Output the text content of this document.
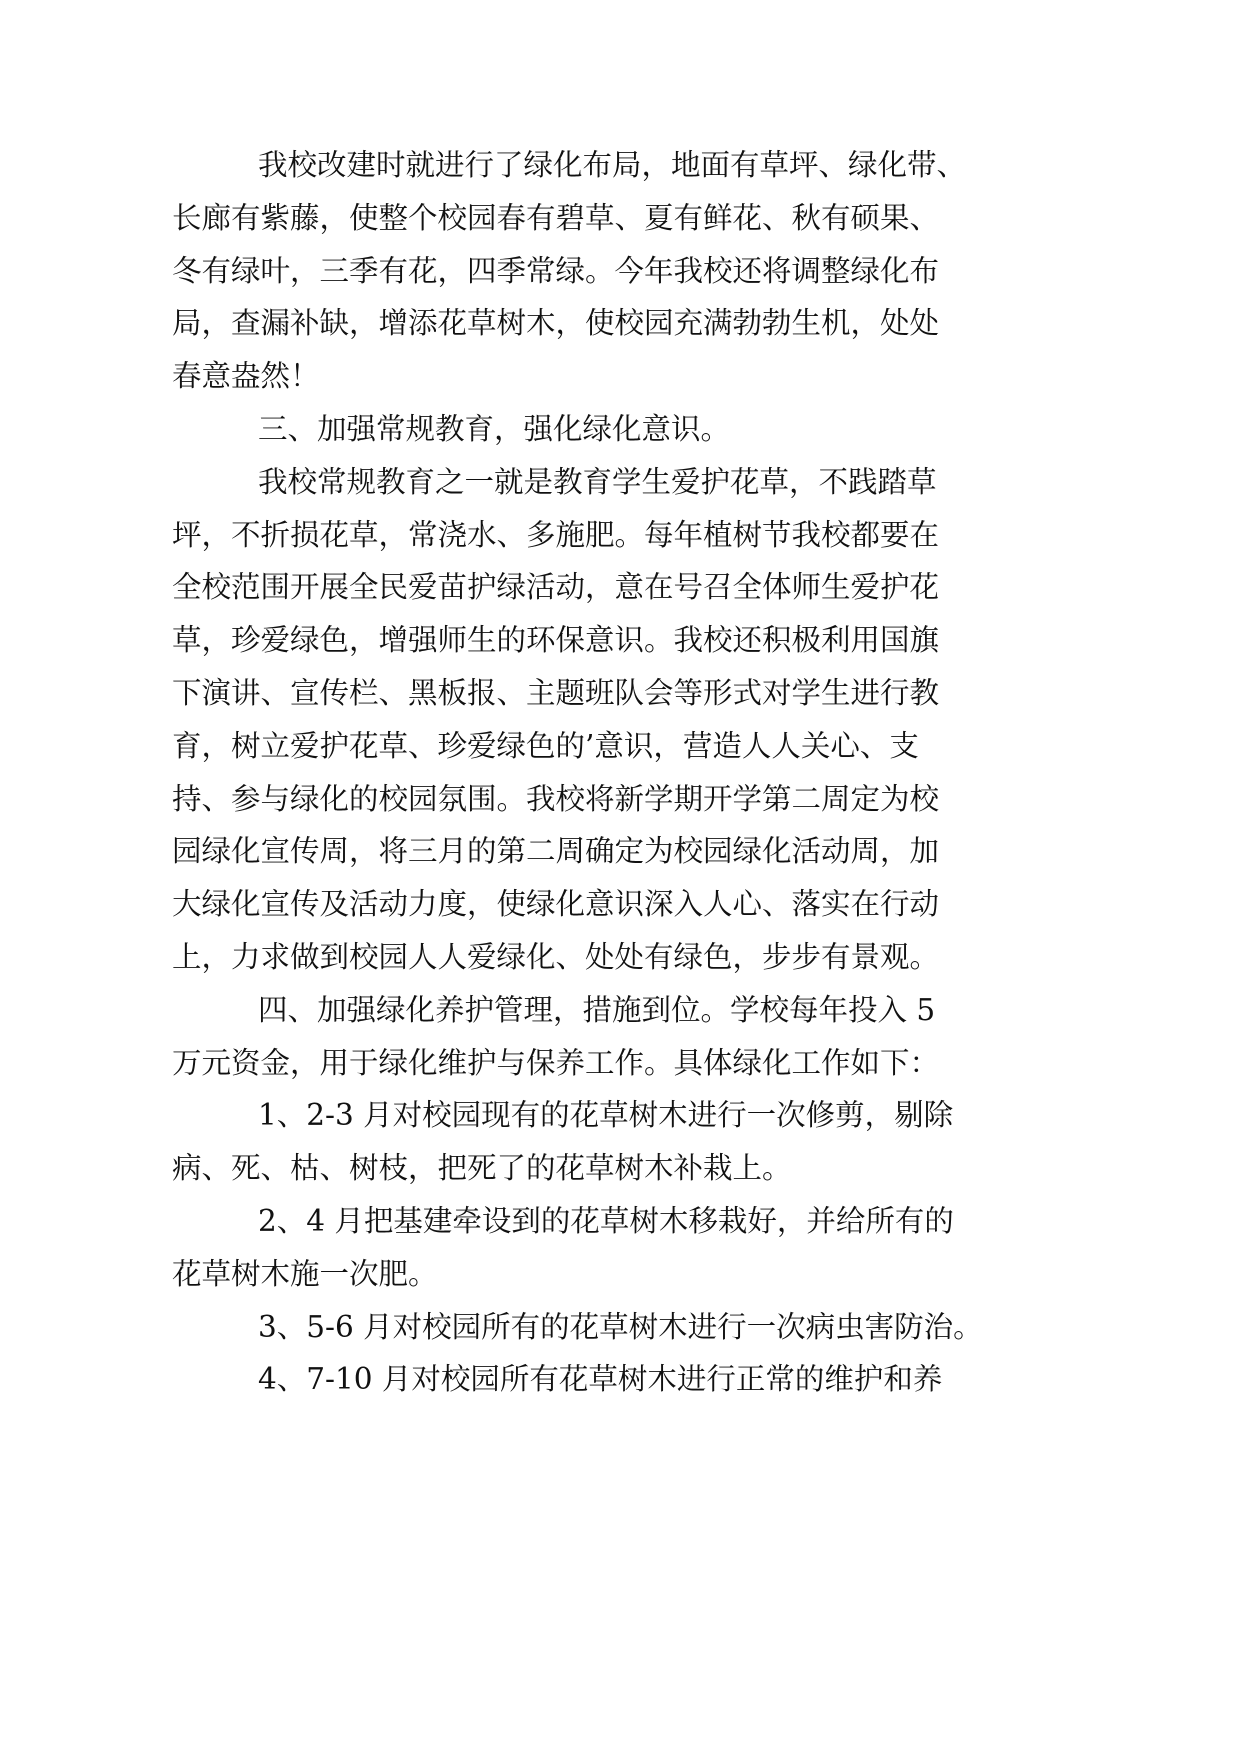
我校改建时就进行了绿化布局，地面有草坪、绿化带、
长廊有紫藤，使整个校园春有碧草、夏有鲜花、秋有硕果、
冬有绿叶，三季有花，四季常绿。今年我校还将调整绿化布
局，查漏补缺，增添花草树木，使校园充满勃勃生机，处处
春意盎然！
三、加强常规教育，强化绿化意识。
我校常规教育之一就是教育学生爱护花草，不践踏草
坪，不折损花草，常浇水、多施肥。每年植树节我校都要在
全校范围开展全民爱苗护绿活动，意在号召全体师生爱护花
草，珍爱绿色，增强师生的环保意识。我校还积极利用国旗
下演讲、宣传栏、黑板报、主题班队会等形式对学生进行教
育，树立爱护花草、珍爱绿色的’意识，营造人人关心、支
持、参与绿化的校园氛围。我校将新学期开学第二周定为校
园绿化宣传周，将三月的第二周确定为校园绿化活动周，加
大绿化宣传及活动力度，使绿化意识深入人心、落实在行动
上，力求做到校园人人爱绿化、处处有绿色，步步有景观。
四、加强绿化养护管理，措施到位。学校每年投入 5
万元资金，用于绿化维护与保养工作。具体绿化工作如下：
1、2-3 月对校园现有的花草树木进行一次修剪，剔除
病、死、枯、树枝，把死了的花草树木补栽上。
2、4 月把基建牵设到的花草树木移栽好，并给所有的
花草树木施一次肥。
3、5-6 月对校园所有的花草树木进行一次病虫害防治。
4、7-10 月对校园所有花草树木进行正常的维护和养
